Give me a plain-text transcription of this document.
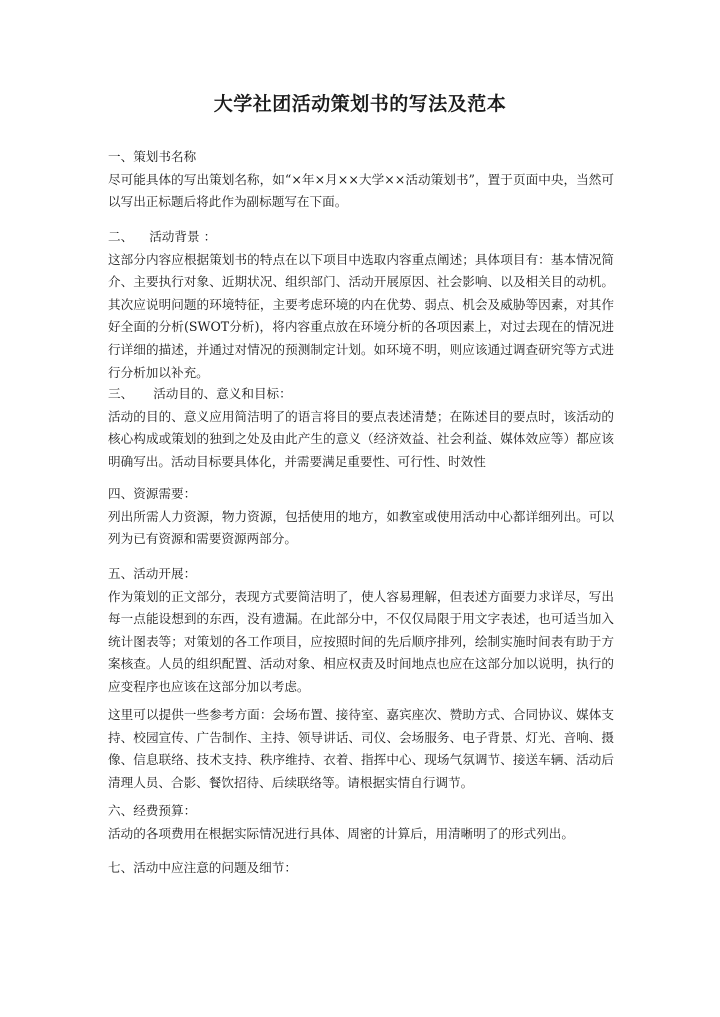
大学社团活动策划书的写法及范本
一、策划书名称
尽可能具体的写出策划名称，如“×年×月××大学××活动策划书”，置于页面中央，当然可以写出正标题后将此作为副标题写在下面。
二、    活动背景 ：
这部分内容应根据策划书的特点在以下项目中选取内容重点阐述；具体项目有：基本情况简介、主要执行对象、近期状况、组织部门、活动开展原因、社会影响、以及相关目的动机。其次应说明问题的环境特征，主要考虑环境的内在优势、弱点、机会及威胁等因素，对其作好全面的分析(SWOT分析)，将内容重点放在环境分析的各项因素上，对过去现在的情况进行详细的描述，并通过对情况的预测制定计划。如环境不明，则应该通过调查研究等方式进行分析加以补充。
三、     活动目的、意义和目标：
活动的目的、意义应用简洁明了的语言将目的要点表述清楚；在陈述目的要点时，该活动的核心构成或策划的独到之处及由此产生的意义（经济效益、社会利益、媒体效应等）都应该明确写出。活动目标要具体化，并需要满足重要性、可行性、时效性
四、资源需要：
列出所需人力资源，物力资源，包括使用的地方，如教室或使用活动中心都详细列出。可以列为已有资源和需要资源两部分。
五、活动开展：
作为策划的正文部分，表现方式要简洁明了，使人容易理解，但表述方面要力求详尽，写出每一点能设想到的东西，没有遗漏。在此部分中，不仅仅局限于用文字表述，也可适当加入统计图表等；对策划的各工作项目，应按照时间的先后顺序排列，绘制实施时间表有助于方案核查。人员的组织配置、活动对象、相应权责及时间地点也应在这部分加以说明，执行的应变程序也应该在这部分加以考虑。
这里可以提供一些参考方面：会场布置、接待室、嘉宾座次、赞助方式、合同协议、媒体支持、校园宣传、广告制作、主持、领导讲话、司仪、会场服务、电子背景、灯光、音响、摄像、信息联络、技术支持、秩序维持、衣着、指挥中心、现场气氛调节、接送车辆、活动后清理人员、合影、餐饮招待、后续联络等。请根据实情自行调节。
六、经费预算：
活动的各项费用在根据实际情况进行具体、周密的计算后，用清晰明了的形式列出。
七、活动中应注意的问题及细节：
